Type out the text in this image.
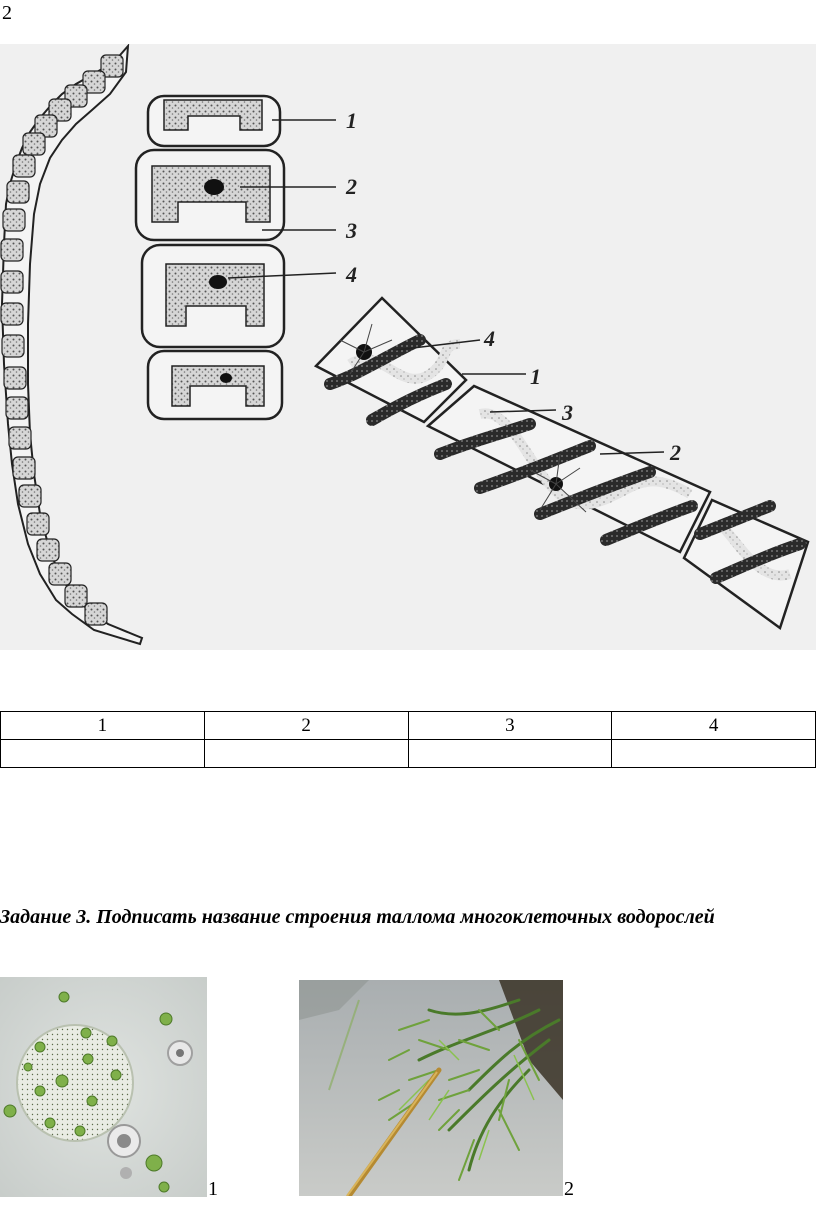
2
1
2
3
4
4
1
3
2
1	2	3	4

Задание 3. Подписать название строения таллома многоклеточных водорослей
1	2
